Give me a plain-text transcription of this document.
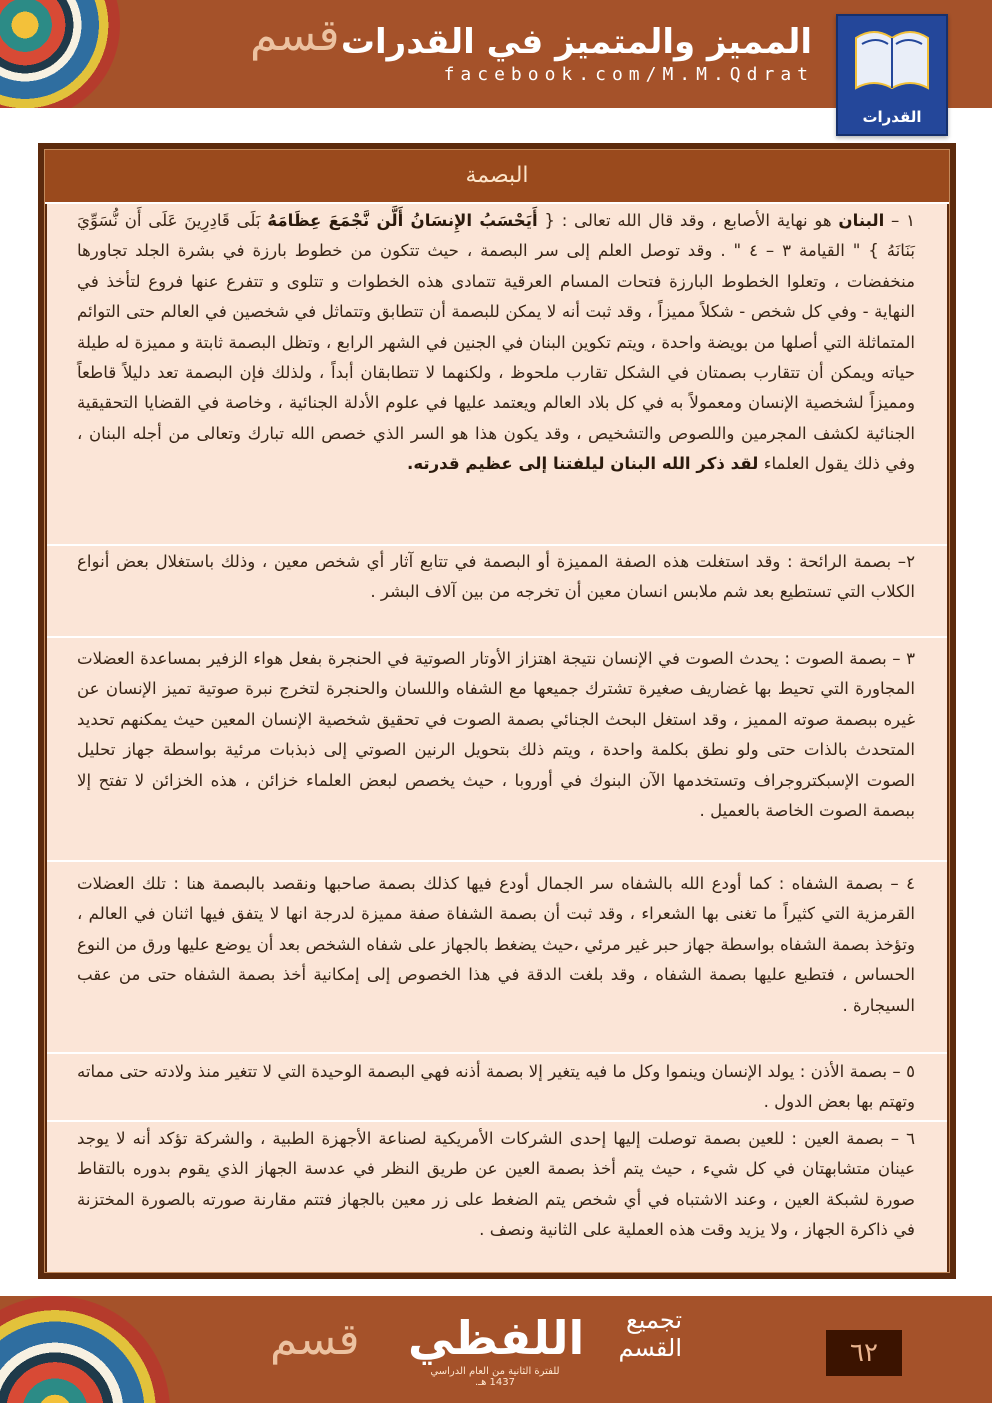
قسم المميز والمتميز في القدرات
facebook.com/M.M.Qdrat
القدرات
البصمة
١ – البنان هو نهاية الأصابع ، وقد قال الله تعالى : { أَيَحْسَبُ الإِنسَانُ أَلَّن نَّجْمَعَ عِظَامَهُ بَلَى قَادِرِينَ عَلَى أَن نُّسَوِّيَ بَنَانَهُ } " القيامة ٣ – ٤ " . وقد توصل العلم إلى سر البصمة ، حيث تتكون من خطوط بارزة في بشرة الجلد تجاورها منخفضات ، وتعلوا الخطوط البارزة فتحات المسام العرقية تتمادى هذه الخطوات و تتلوى و تتفرع عنها فروع لتأخذ في النهاية - وفي كل شخص - شكلاً مميزاً ، وقد ثبت أنه لا يمكن للبصمة أن تتطابق وتتماثل في شخصين في العالم حتى التوائم المتماثلة التي أصلها من بويضة واحدة ، ويتم تكوين البنان في الجنين في الشهر الرابع ، وتظل البصمة ثابتة و مميزة له طيلة حياته ويمكن أن تتقارب بصمتان في الشكل تقارب ملحوظ ، ولكنهما لا تتطابقان أبداً ، ولذلك فإن البصمة تعد دليلاً قاطعاً ومميزاً لشخصية الإنسان ومعمولاً به في كل بلاد العالم ويعتمد عليها في علوم الأدلة الجنائية ، وخاصة في القضايا التحقيقية الجنائية لكشف المجرمين واللصوص والتشخيص ، وقد يكون هذا هو السر الذي خصص الله تبارك وتعالى من أجله البنان ، وفي ذلك يقول العلماء لقد ذكر الله البنان ليلفتنا إلى عظيم قدرته.
٢– بصمة الرائحة : وقد استغلت هذه الصفة المميزة أو البصمة في تتابع آثار أي شخص معين ، وذلك باستغلال بعض أنواع الكلاب التي تستطيع بعد شم ملابس انسان معين أن تخرجه من بين آلاف البشر .
٣ – بصمة الصوت : يحدث الصوت في الإنسان نتيجة اهتزاز الأوتار الصوتية في الحنجرة بفعل هواء الزفير بمساعدة العضلات المجاورة التي تحيط بها غضاريف صغيرة تشترك جميعها مع الشفاه واللسان والحنجرة لتخرج نبرة صوتية تميز الإنسان عن غيره ببصمة صوته المميز ، وقد استغل البحث الجنائي بصمة الصوت في تحقيق شخصية الإنسان المعين حيث يمكنهم تحديد المتحدث بالذات حتى ولو نطق بكلمة واحدة ، ويتم ذلك بتحويل الرنين الصوتي إلى ذبذبات مرئية بواسطة جهاز تحليل الصوت الإسبكتروجراف وتستخدمها الآن البنوك في أوروبا ، حيث يخصص لبعض العلماء خزائن ، هذه الخزائن لا تفتح إلا ببصمة الصوت الخاصة بالعميل .
٤ – بصمة الشفاه : كما أودع الله بالشفاه سر الجمال أودع فيها كذلك بصمة صاحبها ونقصد بالبصمة هنا : تلك العضلات القرمزية التي كثيراً ما تغنى بها الشعراء ، وقد ثبت أن بصمة الشفاة صفة مميزة لدرجة انها لا يتفق فيها اثنان في العالم ، وتؤخذ بصمة الشفاه بواسطة جهاز حبر غير مرئي ،حيث يضغط بالجهاز على شفاه الشخص بعد أن يوضع عليها ورق من النوع الحساس ، فتطبع عليها بصمة الشفاه ، وقد بلغت الدقة في هذا الخصوص إلى إمكانية أخذ بصمة الشفاه حتى من عقب السيجارة .
٥ – بصمة الأذن : يولد الإنسان وينموا وكل ما فيه يتغير إلا بصمة أذنه فهي البصمة الوحيدة التي لا تتغير منذ ولادته حتى مماته وتهتم بها بعض الدول .
٦ – بصمة العين : للعين بصمة توصلت إليها إحدى الشركات الأمريكية لصناعة الأجهزة الطبية ، والشركة تؤكد أنه لا يوجد عينان متشابهتان في كل شيء ، حيث يتم أخذ بصمة العين عن طريق النظر في عدسة الجهاز الذي يقوم بدوره بالتقاط صورة لشبكة العين ، وعند الاشتباه في أي شخص يتم الضغط على زر معين بالجهاز فتتم مقارنة صورته بالصورة المختزنة في ذاكرة الجهاز ، ولا يزيد وقت هذه العملية على الثانية ونصف .
قسم	تجميع
القسم
اللفظي
للفترة الثانية من العام الدراسي 1437 هـ.
٦٢
